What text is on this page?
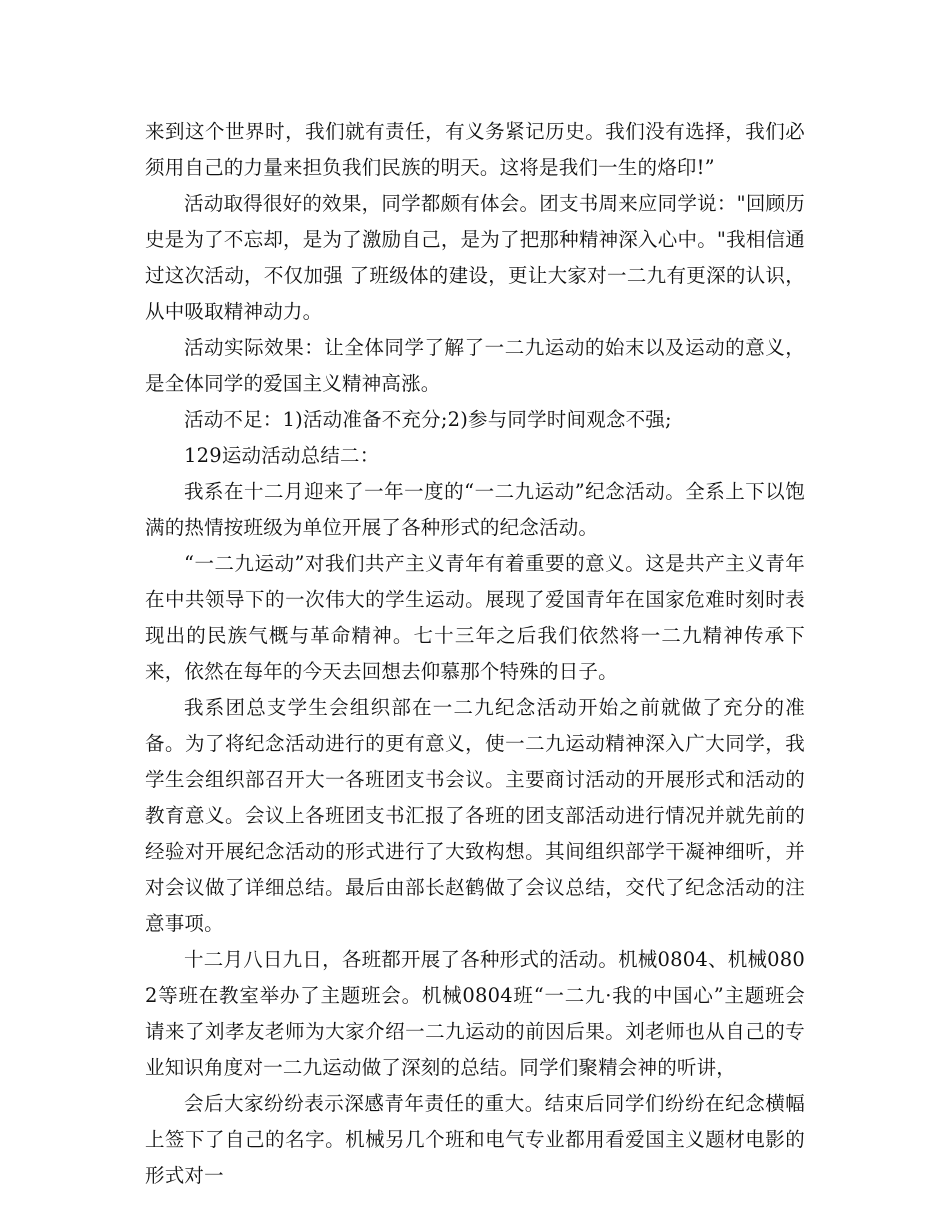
来到这个世界时，我们就有责任，有义务紧记历史。我们没有选择，我们必须用自己的力量来担负我们民族的明天。这将是我们一生的烙印!”

活动取得很好的效果，同学都颇有体会。团支书周来应同学说："回顾历史是为了不忘却，是为了激励自己，是为了把那种精神深入心中。"我相信通过这次活动，不仅加强 了班级体的建设，更让大家对一二九有更深的认识，从中吸取精神动力。

活动实际效果：让全体同学了解了一二九运动的始末以及运动的意义，是全体同学的爱国主义精神高涨。

活动不足：1)活动准备不充分;2)参与同学时间观念不强;

129运动活动总结二：

我系在十二月迎来了一年一度的“一二九运动”纪念活动。全系上下以饱满的热情按班级为单位开展了各种形式的纪念活动。

“一二九运动”对我们共产主义青年有着重要的意义。这是共产主义青年在中共领导下的一次伟大的学生运动。展现了爱国青年在国家危难时刻时表现出的民族气概与革命精神。七十三年之后我们依然将一二九精神传承下来，依然在每年的今天去回想去仰慕那个特殊的日子。

我系团总支学生会组织部在一二九纪念活动开始之前就做了充分的准备。为了将纪念活动进行的更有意义，使一二九运动精神深入广大同学，我学生会组织部召开大一各班团支书会议。主要商讨活动的开展形式和活动的教育意义。会议上各班团支书汇报了各班的团支部活动进行情况并就先前的经验对开展纪念活动的形式进行了大致构想。其间组织部学干凝神细听，并对会议做了详细总结。最后由部长赵鹤做了会议总结，交代了纪念活动的注意事项。

十二月八日九日，各班都开展了各种形式的活动。机械0804、机械0802等班在教室举办了主题班会。机械0804班“一二九·我的中国心”主题班会请来了刘孝友老师为大家介绍一二九运动的前因后果。刘老师也从自己的专业知识角度对一二九运动做了深刻的总结。同学们聚精会神的听讲，

会后大家纷纷表示深感青年责任的重大。结束后同学们纷纷在纪念横幅上签下了自己的名字。机械另几个班和电气专业都用看爱国主义题材电影的形式对一
